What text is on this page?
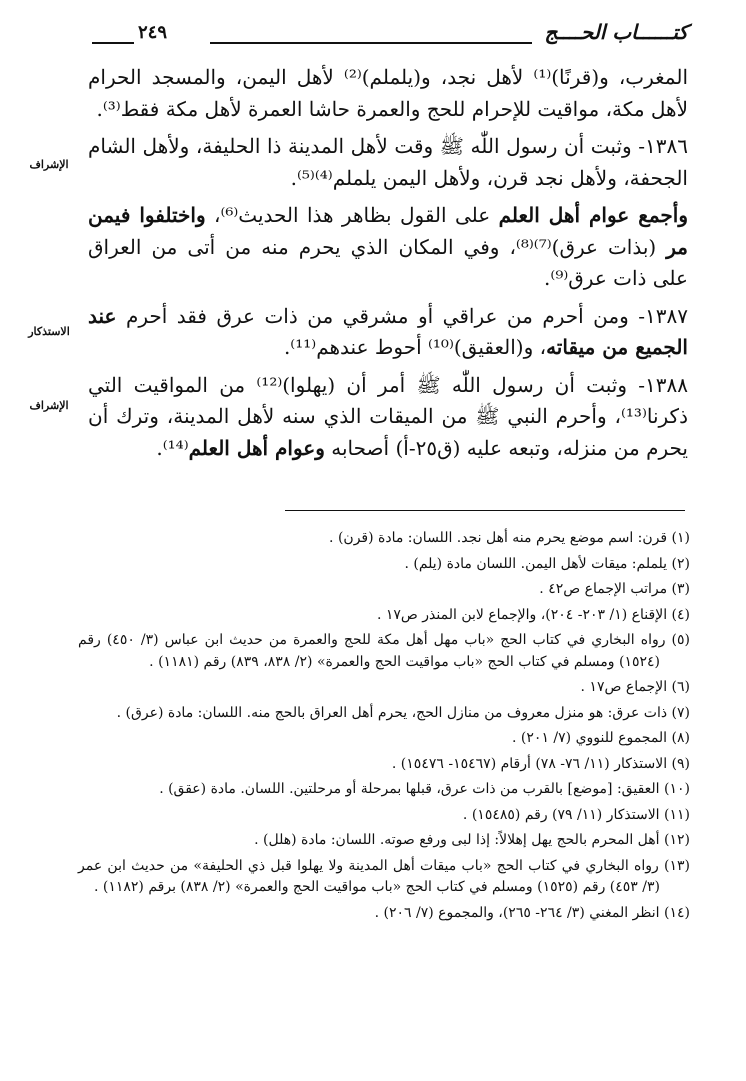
كتــــــاب الحــــج
٢٤٩
الإشراف
الاستذكار
الإشراف

المغرب، و(قرنًا)⁽¹⁾ لأهل نجد، و(يلملم)⁽²⁾ لأهل اليمن، والمسجد الحرام لأهل مكة، مواقيت للإحرام للحج والعمرة حاشا العمرة لأهل مكة فقط⁽³⁾.

١٣٨٦- وثبت أن رسول اللّٰه ﷺ وقت لأهل المدينة ذا الحليفة، ولأهل الشام الجحفة، ولأهل نجد قرن، ولأهل اليمن يلملم⁽⁴⁾⁽⁵⁾.

وأجمع عوام أهل العلم على القول بظاهر هذا الحديث⁽⁶⁾، واختلفوا فيمن مر (بذات عرق)⁽⁷⁾⁽⁸⁾، وفي المكان الذي يحرم منه من أتى من العراق على ذات عرق⁽⁹⁾.

١٣٨٧- ومن أحرم من عراقي أو مشرقي من ذات عرق فقد أحرم عند الجميع من ميقاته، و(العقيق)⁽¹⁰⁾ أحوط عندهم⁽¹¹⁾.

١٣٨٨- وثبت أن رسول اللّٰه ﷺ أمر أن (يهلوا)⁽¹²⁾ من المواقيت التي ذكرنا⁽¹³⁾، وأحرم النبي ﷺ من الميقات الذي سنه لأهل المدينة، وترك أن يحرم من منزله، وتبعه عليه (ق٢٥-أ) أصحابه وعوام أهل العلم⁽¹⁴⁾.

(١) قرن: اسم موضع يحرم منه أهل نجد. اللسان: مادة (قرن) .

(٢) يلملم: ميقات لأهل اليمن. اللسان مادة (يلم) .

(٣) مراتب الإجماع ص٤٢ .

(٤) الإقناع (١/ ٢٠٣- ٢٠٤)، والإجماع لابن المنذر ص١٧ .

(٥) رواه البخاري في كتاب الحج «باب مهل أهل مكة للحج والعمرة من حديث ابن عباس (٣/ ٤٥٠) رقم (١٥٢٤) ومسلم في كتاب الحج «باب مواقيت الحج والعمرة» (٢/ ٨٣٨، ٨٣٩) رقم (١١٨١) .

(٦) الإجماع ص١٧ .

(٧) ذات عرق: هو منزل معروف من منازل الحج، يحرم أهل العراق بالحج منه. اللسان: مادة (عرق) .

(٨) المجموع للنووي (٧/ ٢٠١) .

(٩) الاستذكار (١١/ ٧٦- ٧٨) أرقام (١٥٤٦٧- ١٥٤٧٦) .

(١٠) العقيق: [موضع] بالقرب من ذات عرق، قبلها بمرحلة أو مرحلتين. اللسان. مادة (عقق) .

(١١) الاستذكار (١١/ ٧٩) رقم (١٥٤٨٥) .

(١٢) أهل المحرم بالحج يهل إهلالاً: إذا لبى ورفع صوته. اللسان: مادة (هلل) .

(١٣) رواه البخاري في كتاب الحج «باب ميقات أهل المدينة ولا يهلوا قبل ذي الحليفة» من حديث ابن عمر (٣/ ٤٥٣) رقم (١٥٢٥) ومسلم في كتاب الحج «باب مواقيت الحج والعمرة» (٢/ ٨٣٨) برقم (١١٨٢) .

(١٤) انظر المغني (٣/ ٢٦٤- ٢٦٥)، والمجموع (٧/ ٢٠٦) .
